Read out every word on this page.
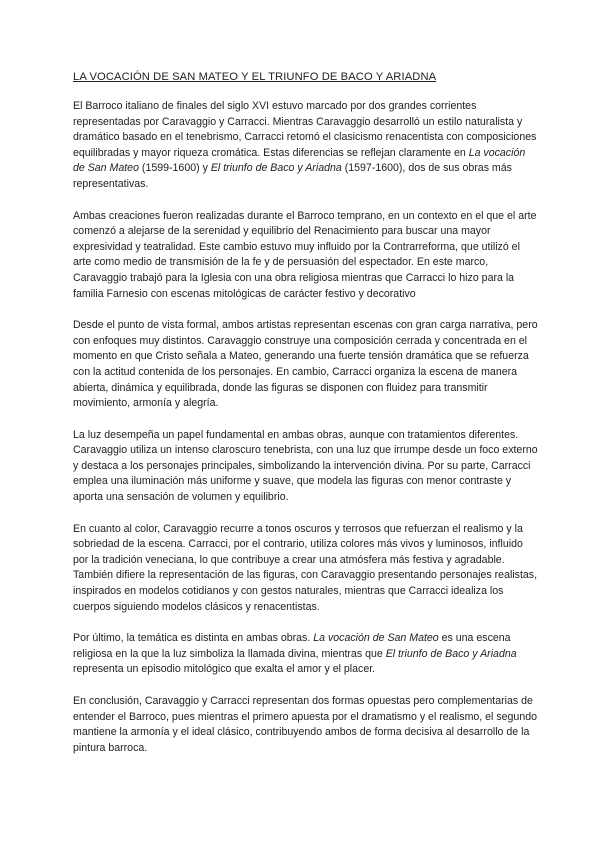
LA VOCACIÓN DE SAN MATEO Y EL TRIUNFO DE BACO Y ARIADNA

El Barroco italiano de finales del siglo XVI estuvo marcado por dos grandes corrientes representadas por Caravaggio y Carracci. Mientras Caravaggio desarrolló un estilo naturalista y dramático basado en el tenebrismo, Carracci retomó el clasicismo renacentista con composiciones equilibradas y mayor riqueza cromática. Estas diferencias se reflejan claramente en La vocación de San Mateo (1599-1600) y El triunfo de Baco y Ariadna (1597-1600), dos de sus obras más representativas.

Ambas creaciones fueron realizadas durante el Barroco temprano, en un contexto en el que el arte comenzó a alejarse de la serenidad y equilibrio del Renacimiento para buscar una mayor expresividad y teatralidad. Este cambio estuvo muy influido por la Contrarreforma, que utilizó el arte como medio de transmisión de la fe y de persuasión del espectador. En este marco, Caravaggio trabajó para la Iglesia con una obra religiosa mientras que Carracci lo hizo para la familia Farnesio con escenas mitológicas de carácter festivo y decorativo

Desde el punto de vista formal, ambos artistas representan escenas con gran carga narrativa, pero con enfoques muy distintos. Caravaggio construye una composición cerrada y concentrada en el momento en que Cristo señala a Mateo, generando una fuerte tensión dramática que se refuerza con la actitud contenida de los personajes. En cambio, Carracci organiza la escena de manera abierta, dinámica y equilibrada, donde las figuras se disponen con fluidez para transmitir movimiento, armonía y alegría.

La luz desempeña un papel fundamental en ambas obras, aunque con tratamientos diferentes. Caravaggio utiliza un intenso claroscuro tenebrista, con una luz que irrumpe desde un foco externo y destaca a los personajes principales, simbolizando la intervención divina. Por su parte, Carracci emplea una iluminación más uniforme y suave, que modela las figuras con menor contraste y aporta una sensación de volumen y equilibrio.

En cuanto al color, Caravaggio recurre a tonos oscuros y terrosos que refuerzan el realismo y la sobriedad de la escena. Carracci, por el contrario, utiliza colores más vivos y luminosos, influido por la tradición veneciana, lo que contribuye a crear una atmósfera más festiva y agradable. También difiere la representación de las figuras, con Caravaggio presentando personajes realistas, inspirados en modelos cotidianos y con gestos naturales, mientras que Carracci idealiza los cuerpos siguiendo modelos clásicos y renacentistas.

Por último, la temática es distinta en ambas obras. La vocación de San Mateo es una escena religiosa en la que la luz simboliza la llamada divina, mientras que El triunfo de Baco y Ariadna representa un episodio mitológico que exalta el amor y el placer.

En conclusión, Caravaggio y Carracci representan dos formas opuestas pero complementarias de entender el Barroco, pues mientras el primero apuesta por el dramatismo y el realismo, el segundo mantiene la armonía y el ideal clásico, contribuyendo ambos de forma decisiva al desarrollo de la pintura barroca.
